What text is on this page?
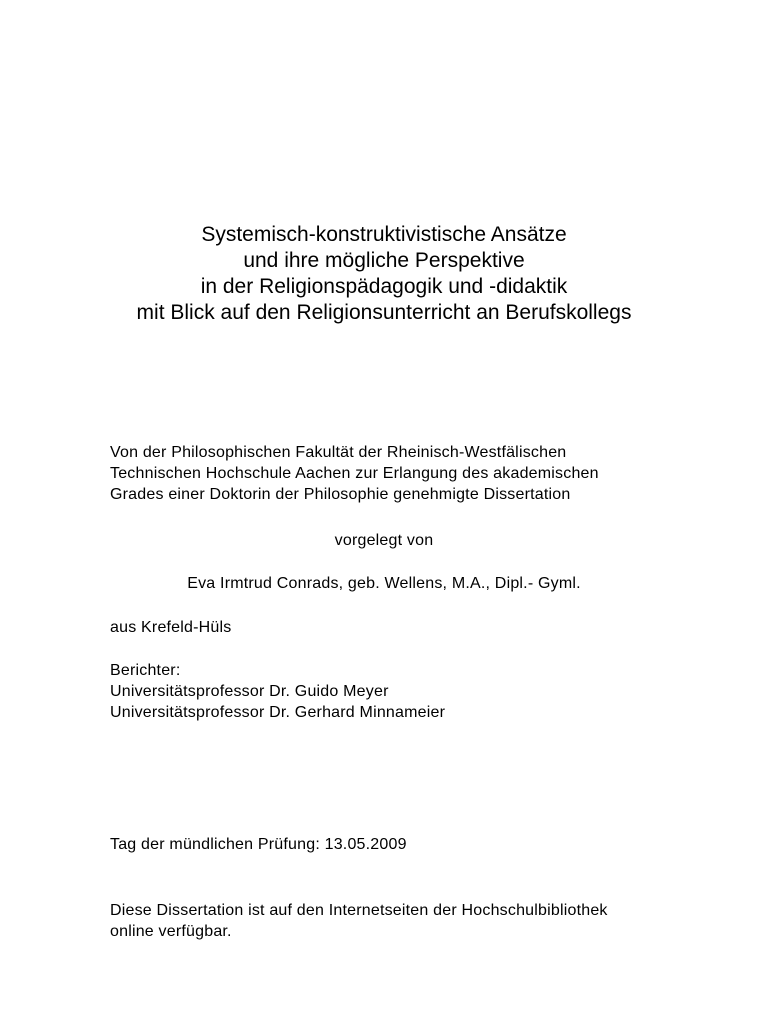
Systemisch-konstruktivistische Ansätze
und ihre mögliche Perspektive
in der Religionspädagogik und -didaktik
mit Blick auf den Religionsunterricht an Berufskollegs
Von der Philosophischen Fakultät der Rheinisch-Westfälischen
Technischen Hochschule Aachen zur Erlangung des akademischen
Grades einer Doktorin der Philosophie genehmigte Dissertation
vorgelegt von
Eva Irmtrud Conrads, geb. Wellens, M.A., Dipl.- Gyml.
aus Krefeld-Hüls
Berichter:
Universitätsprofessor Dr. Guido Meyer
Universitätsprofessor Dr. Gerhard Minnameier
Tag der mündlichen Prüfung: 13.05.2009
Diese Dissertation ist auf den Internetseiten der Hochschulbibliothek
online verfügbar.
